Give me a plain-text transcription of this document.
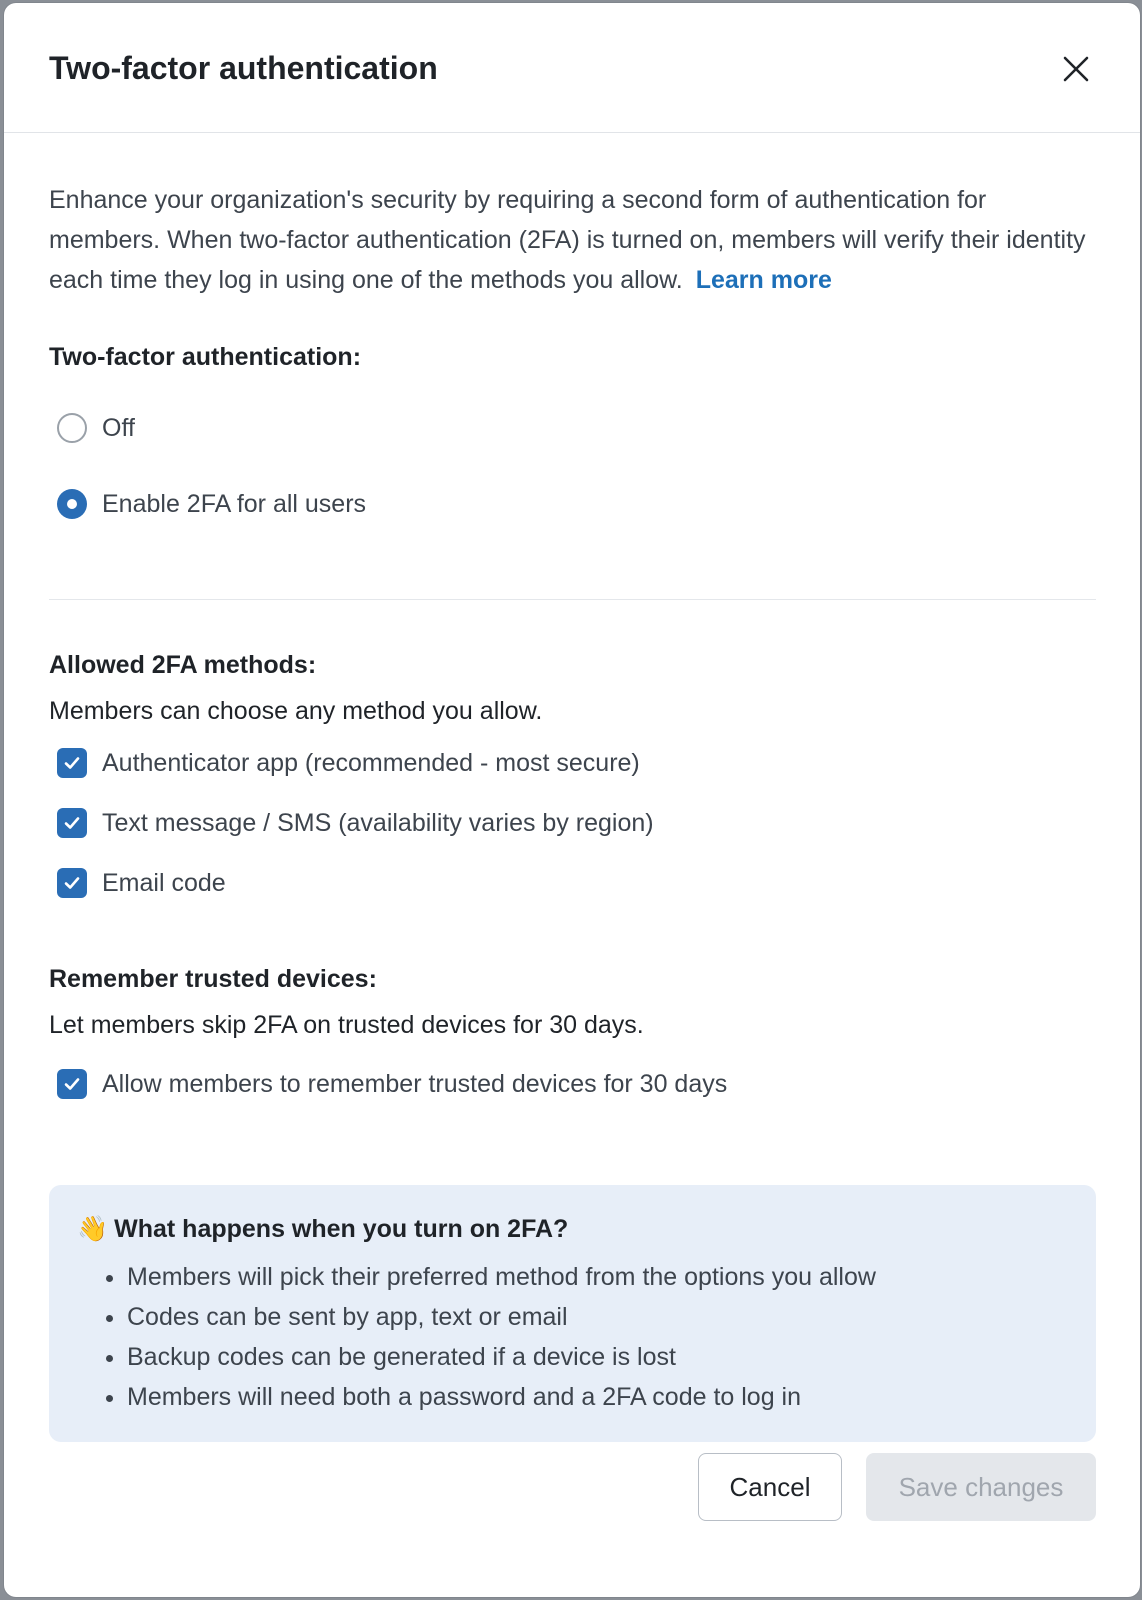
Two-factor authentication

Enhance your organization's security by requiring a second form of authentication for members. When two-factor authentication (2FA) is turned on, members will verify their identity each time they log in using one of the methods you allow. Learn more

Two-factor authentication:
Off
Enable 2FA for all users
Allowed 2FA methods:
Members can choose any method you allow.
Authenticator app (recommended - most secure)
Text message / SMS (availability varies by region)
Email code
Remember trusted devices:
Let members skip 2FA on trusted devices for 30 days.
Allow members to remember trusted devices for 30 days
👋 What happens when you turn on 2FA?
• Members will pick their preferred method from the options you allow
• Codes can be sent by app, text or email
• Backup codes can be generated if a device is lost
• Members will need both a password and a 2FA code to log in
Cancel	Save changes
